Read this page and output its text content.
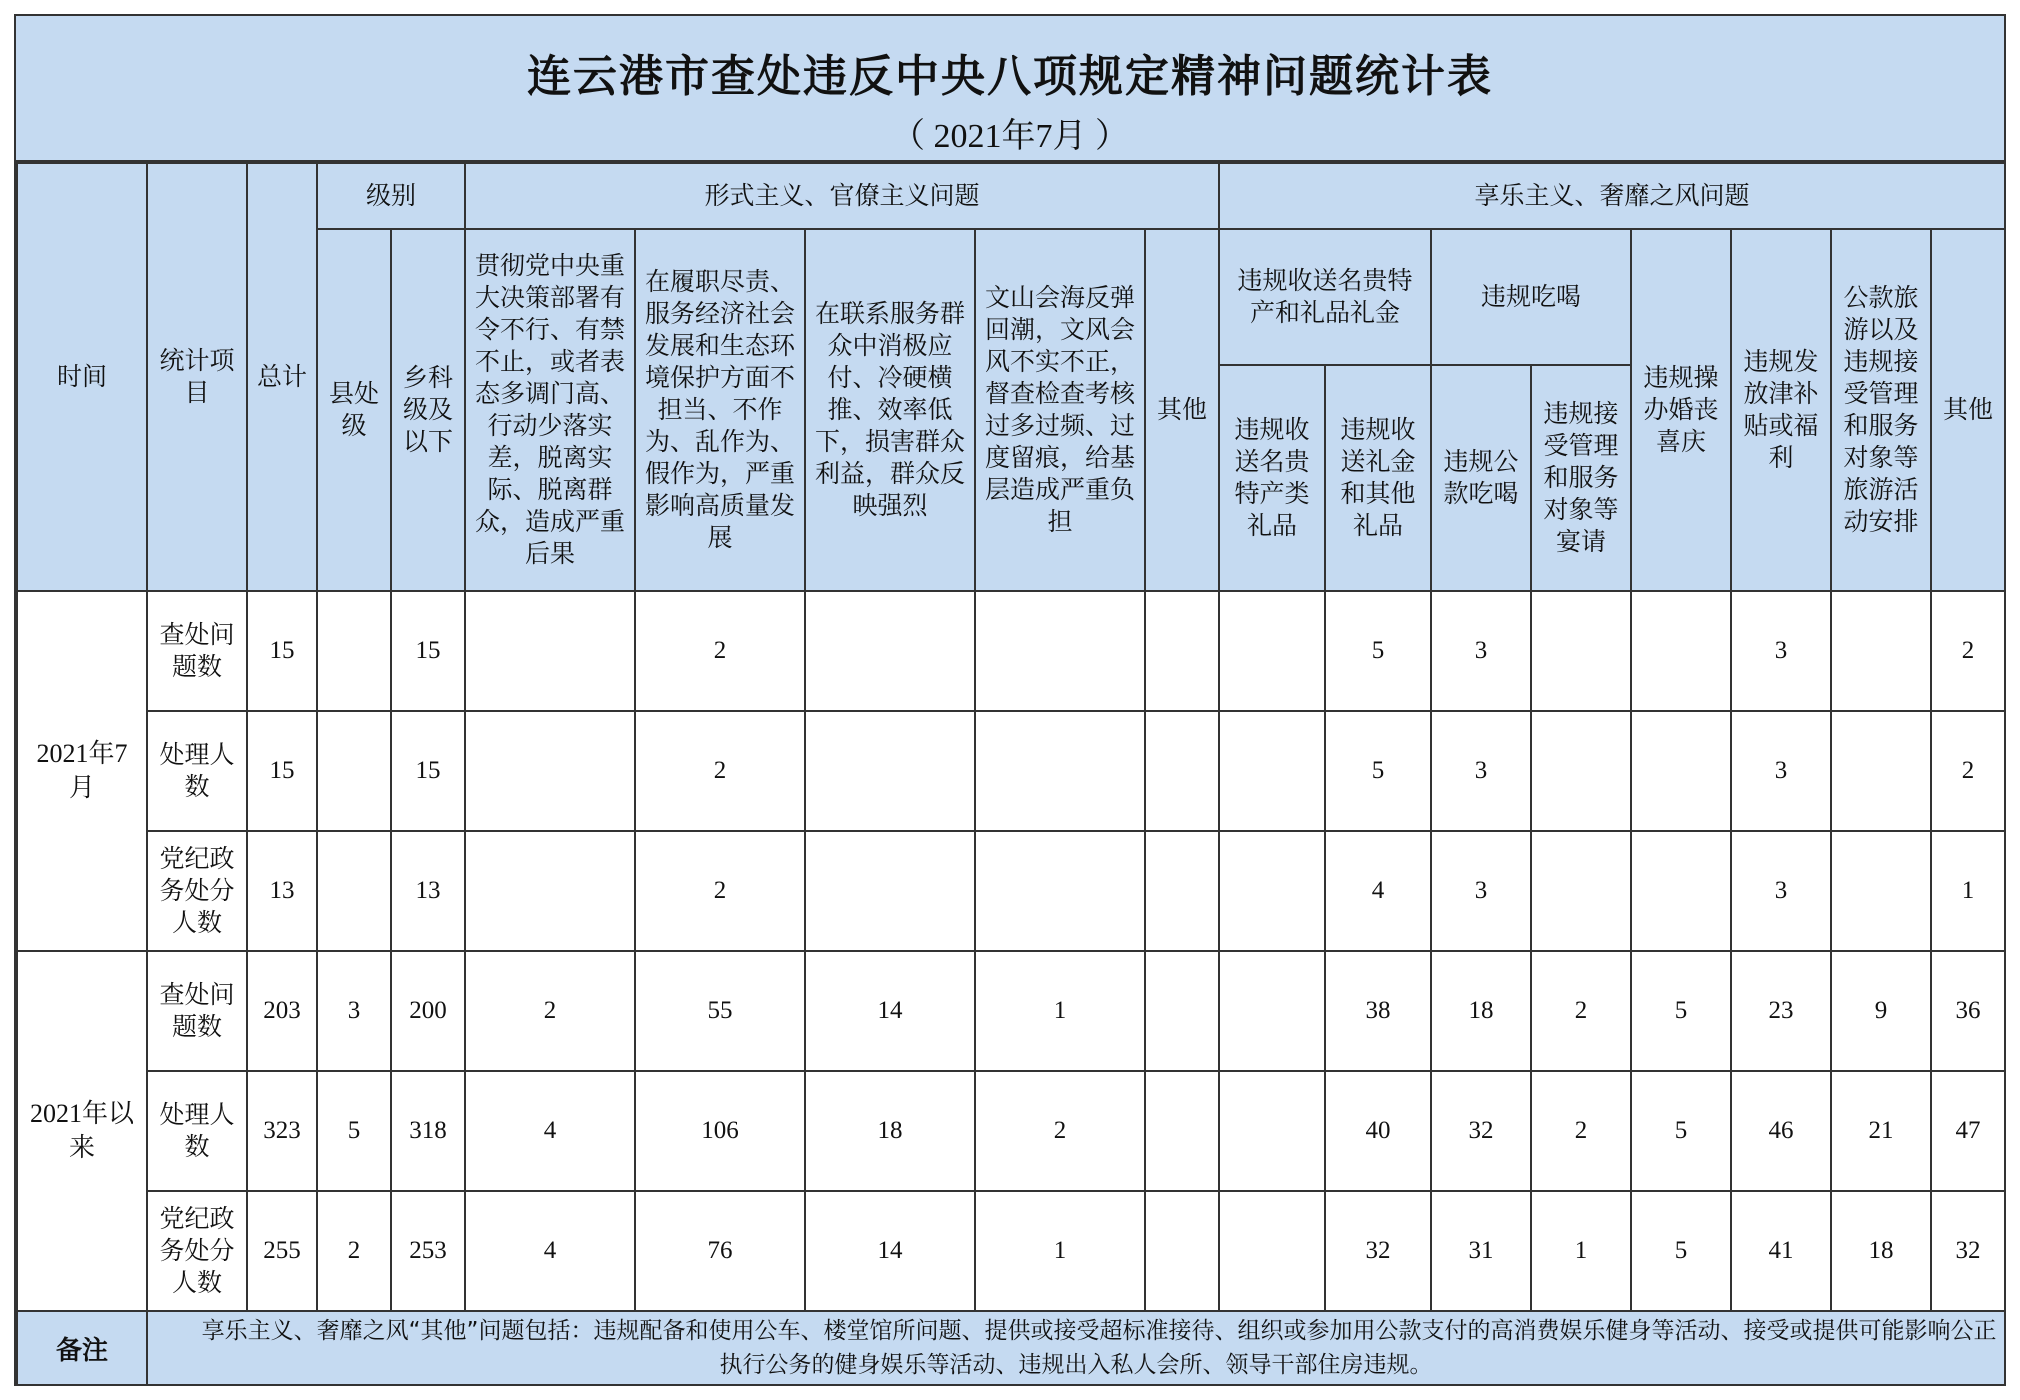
连云港市查处违反中央八项规定精神问题统计表
（ 2021年7月 ）
时间	统计项目	总计	级别		形式主义、官僚主义问题					享乐主义、奢靡之风问题							
			县处级	乡科级及以下	贯彻党中央重大决策部署有令不行、有禁不止，或者表态多调门高、行动少落实差，脱离实际、脱离群众，造成严重后果	在履职尽责、服务经济社会发展和生态环境保护方面不担当、不作为、乱作为、假作为，严重影响高质量发展	在联系服务群众中消极应付、冷硬横推、效率低下，损害群众利益，群众反映强烈	文山会海反弹回潮，文风会风不实不正，督查检查考核过多过频、过度留痕，给基层造成严重负担	其他	违规收送名贵特产和礼品礼金		违规吃喝		违规操办婚丧喜庆	违规发放津补贴或福利	公款旅游以及违规接受管理和服务对象等旅游活动安排	其他
										违规收送名贵特产类礼品	违规收送礼金和其他礼品	违规公款吃喝	违规接受管理和服务对象等宴请				
2021年7月	查处问题数	15		15		2					5	3			3		2
	处理人数	15		15		2					5	3			3		2
	党纪政务处分人数	13		13		2					4	3			3		1
2021年以来	查处问题数	203	3	200	2	55	14	1			38	18	2	5	23	9	36
	处理人数	323	5	318	4	106	18	2			40	32	2	5	46	21	47
	党纪政务处分人数	255	2	253	4	76	14	1			32	31	1	5	41	18	32
备注	享乐主义、奢靡之风“其他”问题包括：违规配备和使用公车、楼堂馆所问题、提供或接受超标准接待、组织或参加用公款支付的高消费娱乐健身等活动、接受或提供可能影响公正执行公务的健身娱乐等活动、违规出入私人会所、领导干部住房违规。																
